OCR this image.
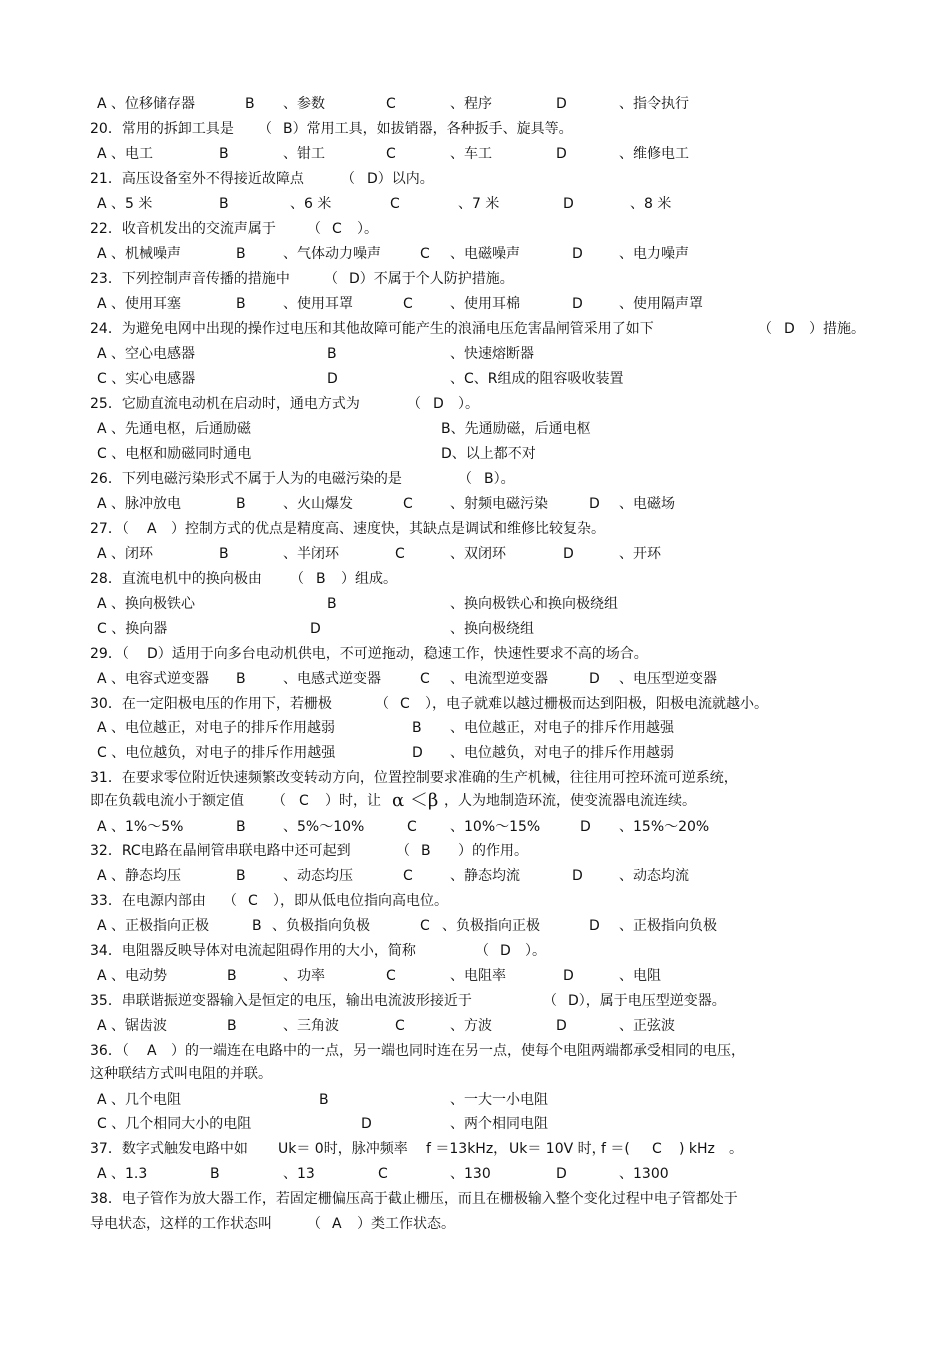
A 、位移储存器	B 、参数	C	、程序	D	、指令执行
20．常用的拆卸工具是 （ B）常用工具，如拔销器，各种扳手、旋具等。
A 、电工	B	、钳工	C	、车工	D	、维修电工
21．高压设备室外不得接近故障点	（ D）以内。
A 、5 米	B	、6 米	C	、7 米	D	、8 米
22．收音机发出的交流声属于 （ C ）。
A 、机械噪声	B	、气体动力噪声	C 、电磁噪声	D	、电力噪声
23．下列控制声音传播的措施中 （ D）不属于个人防护措施。
A 、使用耳塞	B	、使用耳罩	C	、使用耳棉	D	、使用隔声罩
24．为避免电网中出现的操作过电压和其他故障可能产生的浪涌电压危害晶闸管采用了如下	（ D ）措施。
A 、空心电感器	B	、快速熔断器
C 、实心电感器	D	、C、R组成的阻容吸收装置
25．它励直流电动机在启动时，通电方式为	（ D ）。
A 、先通电枢，后通励磁	B、先通励磁，后通电枢
C 、电枢和励磁同时通电	D、以上都不对
26．下列电磁污染形式不属于人为的电磁污染的是	（ B）。
A 、脉冲放电	B	、火山爆发	C	、射频电磁污染	D 、电磁场
27．（ A ）控制方式的优点是精度高、速度快，其缺点是调试和维修比较复杂。
A 、闭环	B	、半闭环	C	、双闭环	D	、开环
28．直流电机中的换向极由 （ B ）组成。
A 、换向极铁心	B	、换向极铁心和换向极绕组
C 、换向器	D	、换向极绕组
29．（ D）适用于向多台电动机供电，不可逆拖动，稳速工作，快速性要求不高的场合。
A 、电容式逆变器 B	、电感式逆变器	C 、电流型逆变器	D 、电压型逆变器
30．在一定阳极电压的作用下，若栅极	（ C ），电子就难以越过栅极而达到阳极，阳极电流就越小。
A 、电位越正，对电子的排斥作用越弱	B 、电位越正，对电子的排斥作用越强
C 、电位越负，对电子的排斥作用越强	D 、电位越负，对电子的排斥作用越弱
31．在要求零位附近快速频繁改变转动方向，位置控制要求准确的生产机械，往往用可控环流可逆系统，
即在负载电流小于额定值 （ C ）时，让 α ＜β ，人为地制造环流，使变流器电流连续。
A 、1%～5%	B	、5%～10%	C 、10%～15%	D 、15%～20%
32．RC电路在晶闸管串联电路中还可起到	（ B ）的作用。
A 、静态均压	B	、动态均压	C	、静态均流	D	、动态均流
33．在电源内部由 （ C ），即从低电位指向高电位。
A 、正极指向正极	B 、负极指向负极	C 、负极指向正极	D 、正极指向负极
34．电阻器反映导体对电流起阻碍作用的大小，简称	（ D ）。
A 、电动势	B	、功率	C	、电阻率	D	、电阻
35．串联谐振逆变器输入是恒定的电压，输出电流波形接近于	（ D），属于电压型逆变器。
A 、锯齿波	B	、三角波	C	、方波	D	、正弦波
36．（ A ）的一端连在电路中的一点，另一端也同时连在另一点，使每个电阻两端都承受相同的电压，
这种联结方式叫电阻的并联。
A 、几个电阻	B	、一大一小电阻
C 、几个相同大小的电阻	D	、两个相同电阻
37．数字式触发电路中如 Uk＝ 0时，脉冲频率 f ＝13kHz， Uk＝ 10V 时，
f ＝( C ) kHz 。
A 、1.3	B	、13	C	、130	D	、1300
38．电子管作为放大器工作，若固定栅偏压高于截止栅压，而且在栅极输入整个变化过程中电子管都处于
导电状态，这样的工作状态叫	（ A ）类工作状态。
